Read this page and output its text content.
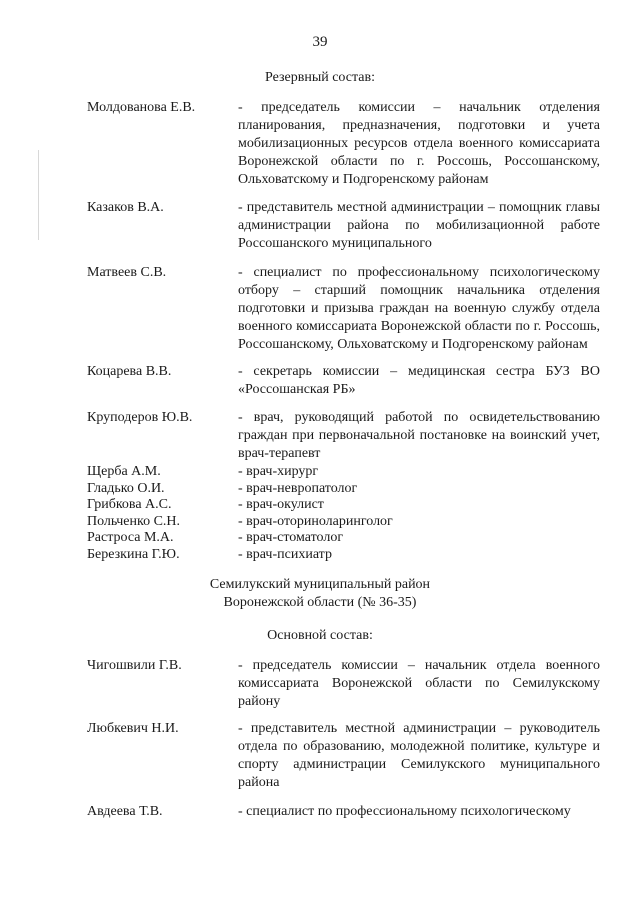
39
Резервный состав:
Молдованова Е.В.	- председатель комиссии – начальник отделения планирования, предназначения, подготовки и учета мобилизационных ресурсов отдела военного комиссариата Воронежской области по г. Россошь, Россошанскому, Ольховатскому и Подгоренскому районам
Казаков В.А.	- представитель местной администрации – помощник главы администрации района по мобилизационной работе Россошанского муниципального
Матвеев С.В.	- специалист по профессиональному психологическому отбору – старший помощник начальника отделения подготовки и призыва граждан на военную службу отдела военного комиссариата Воронежской области по г. Россошь, Россошанскому, Ольховатскому и Подгоренскому районам
Коцарева В.В.	- секретарь комиссии – медицинская сестра БУЗ ВО «Россошанская РБ»
Круподеров Ю.В.	- врач, руководящий работой по освидетельствованию граждан при первоначальной постановке на воинский учет, врач-терапевт
Щерба А.М.	- врач-хирург
Гладько О.И.	- врач-невропатолог
Грибкова А.С.	- врач-окулист
Польченко С.Н.	- врач-оториноларинголог
Растроса М.А.	- врач-стоматолог
Березкина Г.Ю.	- врач-психиатр
Семилукский муниципальный район
Воронежской области (№ 36-35)
Основной состав:
Чигошвили Г.В.	- председатель комиссии – начальник отдела военного комиссариата Воронежской области по Семилукскому району
Любкевич Н.И.	- представитель местной администрации – руководитель отдела по образованию, молодежной политике, культуре и спорту администрации Семилукского муниципального района
Авдеева Т.В.	- специалист по профессиональному психологическому
